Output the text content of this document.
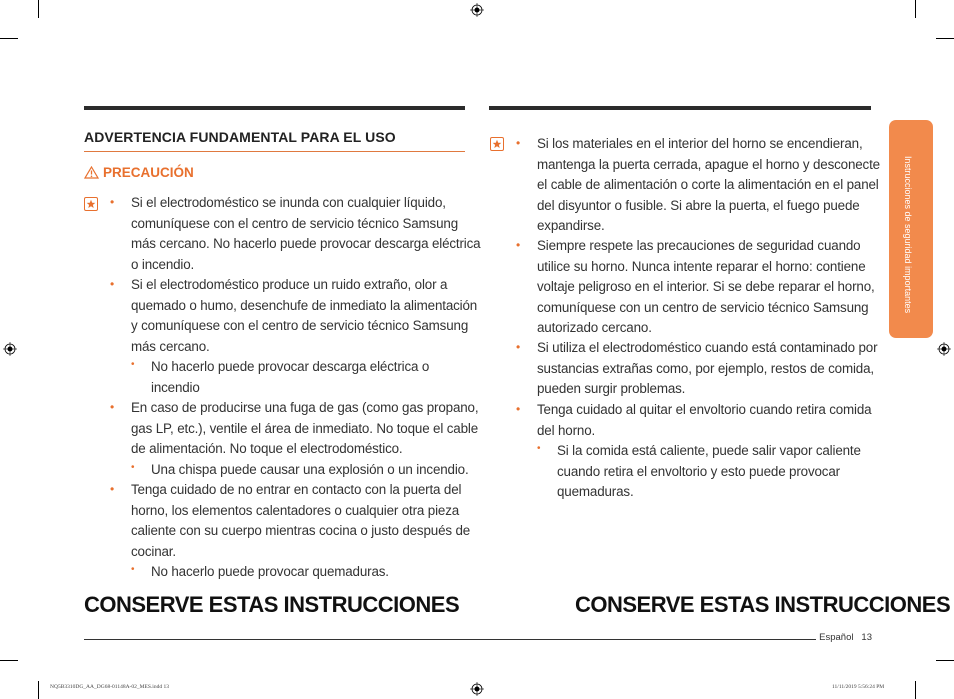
ADVERTENCIA FUNDAMENTAL PARA EL USO
PRECAUCIÓN
• Si el electrodoméstico se inunda con cualquier líquido,
comuníquese con el centro de servicio técnico Samsung
más cercano. No hacerlo puede provocar descarga eléctrica
o incendio.
• Si el electrodoméstico produce un ruido extraño, olor a
quemado o humo, desenchufe de inmediato la alimentación
y comuníquese con el centro de servicio técnico Samsung
más cercano.
• No hacerlo puede provocar descarga eléctrica o
incendio
• En caso de producirse una fuga de gas (como gas propano,
gas LP, etc.), ventile el área de inmediato. No toque el cable
de alimentación. No toque el electrodoméstico.
• Una chispa puede causar una explosión o un incendio.
• Tenga cuidado de no entrar en contacto con la puerta del
horno, los elementos calentadores o cualquier otra pieza
caliente con su cuerpo mientras cocina o justo después de
cocinar.
• No hacerlo puede provocar quemaduras.
CONSERVE ESTAS INSTRUCCIONES
• Si los materiales en el interior del horno se encendieran,
mantenga la puerta cerrada, apague el horno y desconecte
el cable de alimentación o corte la alimentación en el panel
del disyuntor o fusible. Si abre la puerta, el fuego puede
expandirse.
• Siempre respete las precauciones de seguridad cuando
utilice su horno. Nunca intente reparar el horno: contiene
voltaje peligroso en el interior. Si se debe reparar el horno,
comuníquese con un centro de servicio técnico Samsung
autorizado cercano.
• Si utiliza el electrodoméstico cuando está contaminado por
sustancias extrañas como, por ejemplo, restos de comida,
pueden surgir problemas.
• Tenga cuidado al quitar el envoltorio cuando retira comida
del horno.
• Si la comida está caliente, puede salir vapor caliente
cuando retira el envoltorio y esto puede provocar
quemaduras.
CONSERVE ESTAS INSTRUCCIONES
Instrucciones de seguridad importantes
Español 13
NQ5B3310DG_AA_DG68-01148A-02_MES.indd 13	11/11/2019 5:56:24 PM
